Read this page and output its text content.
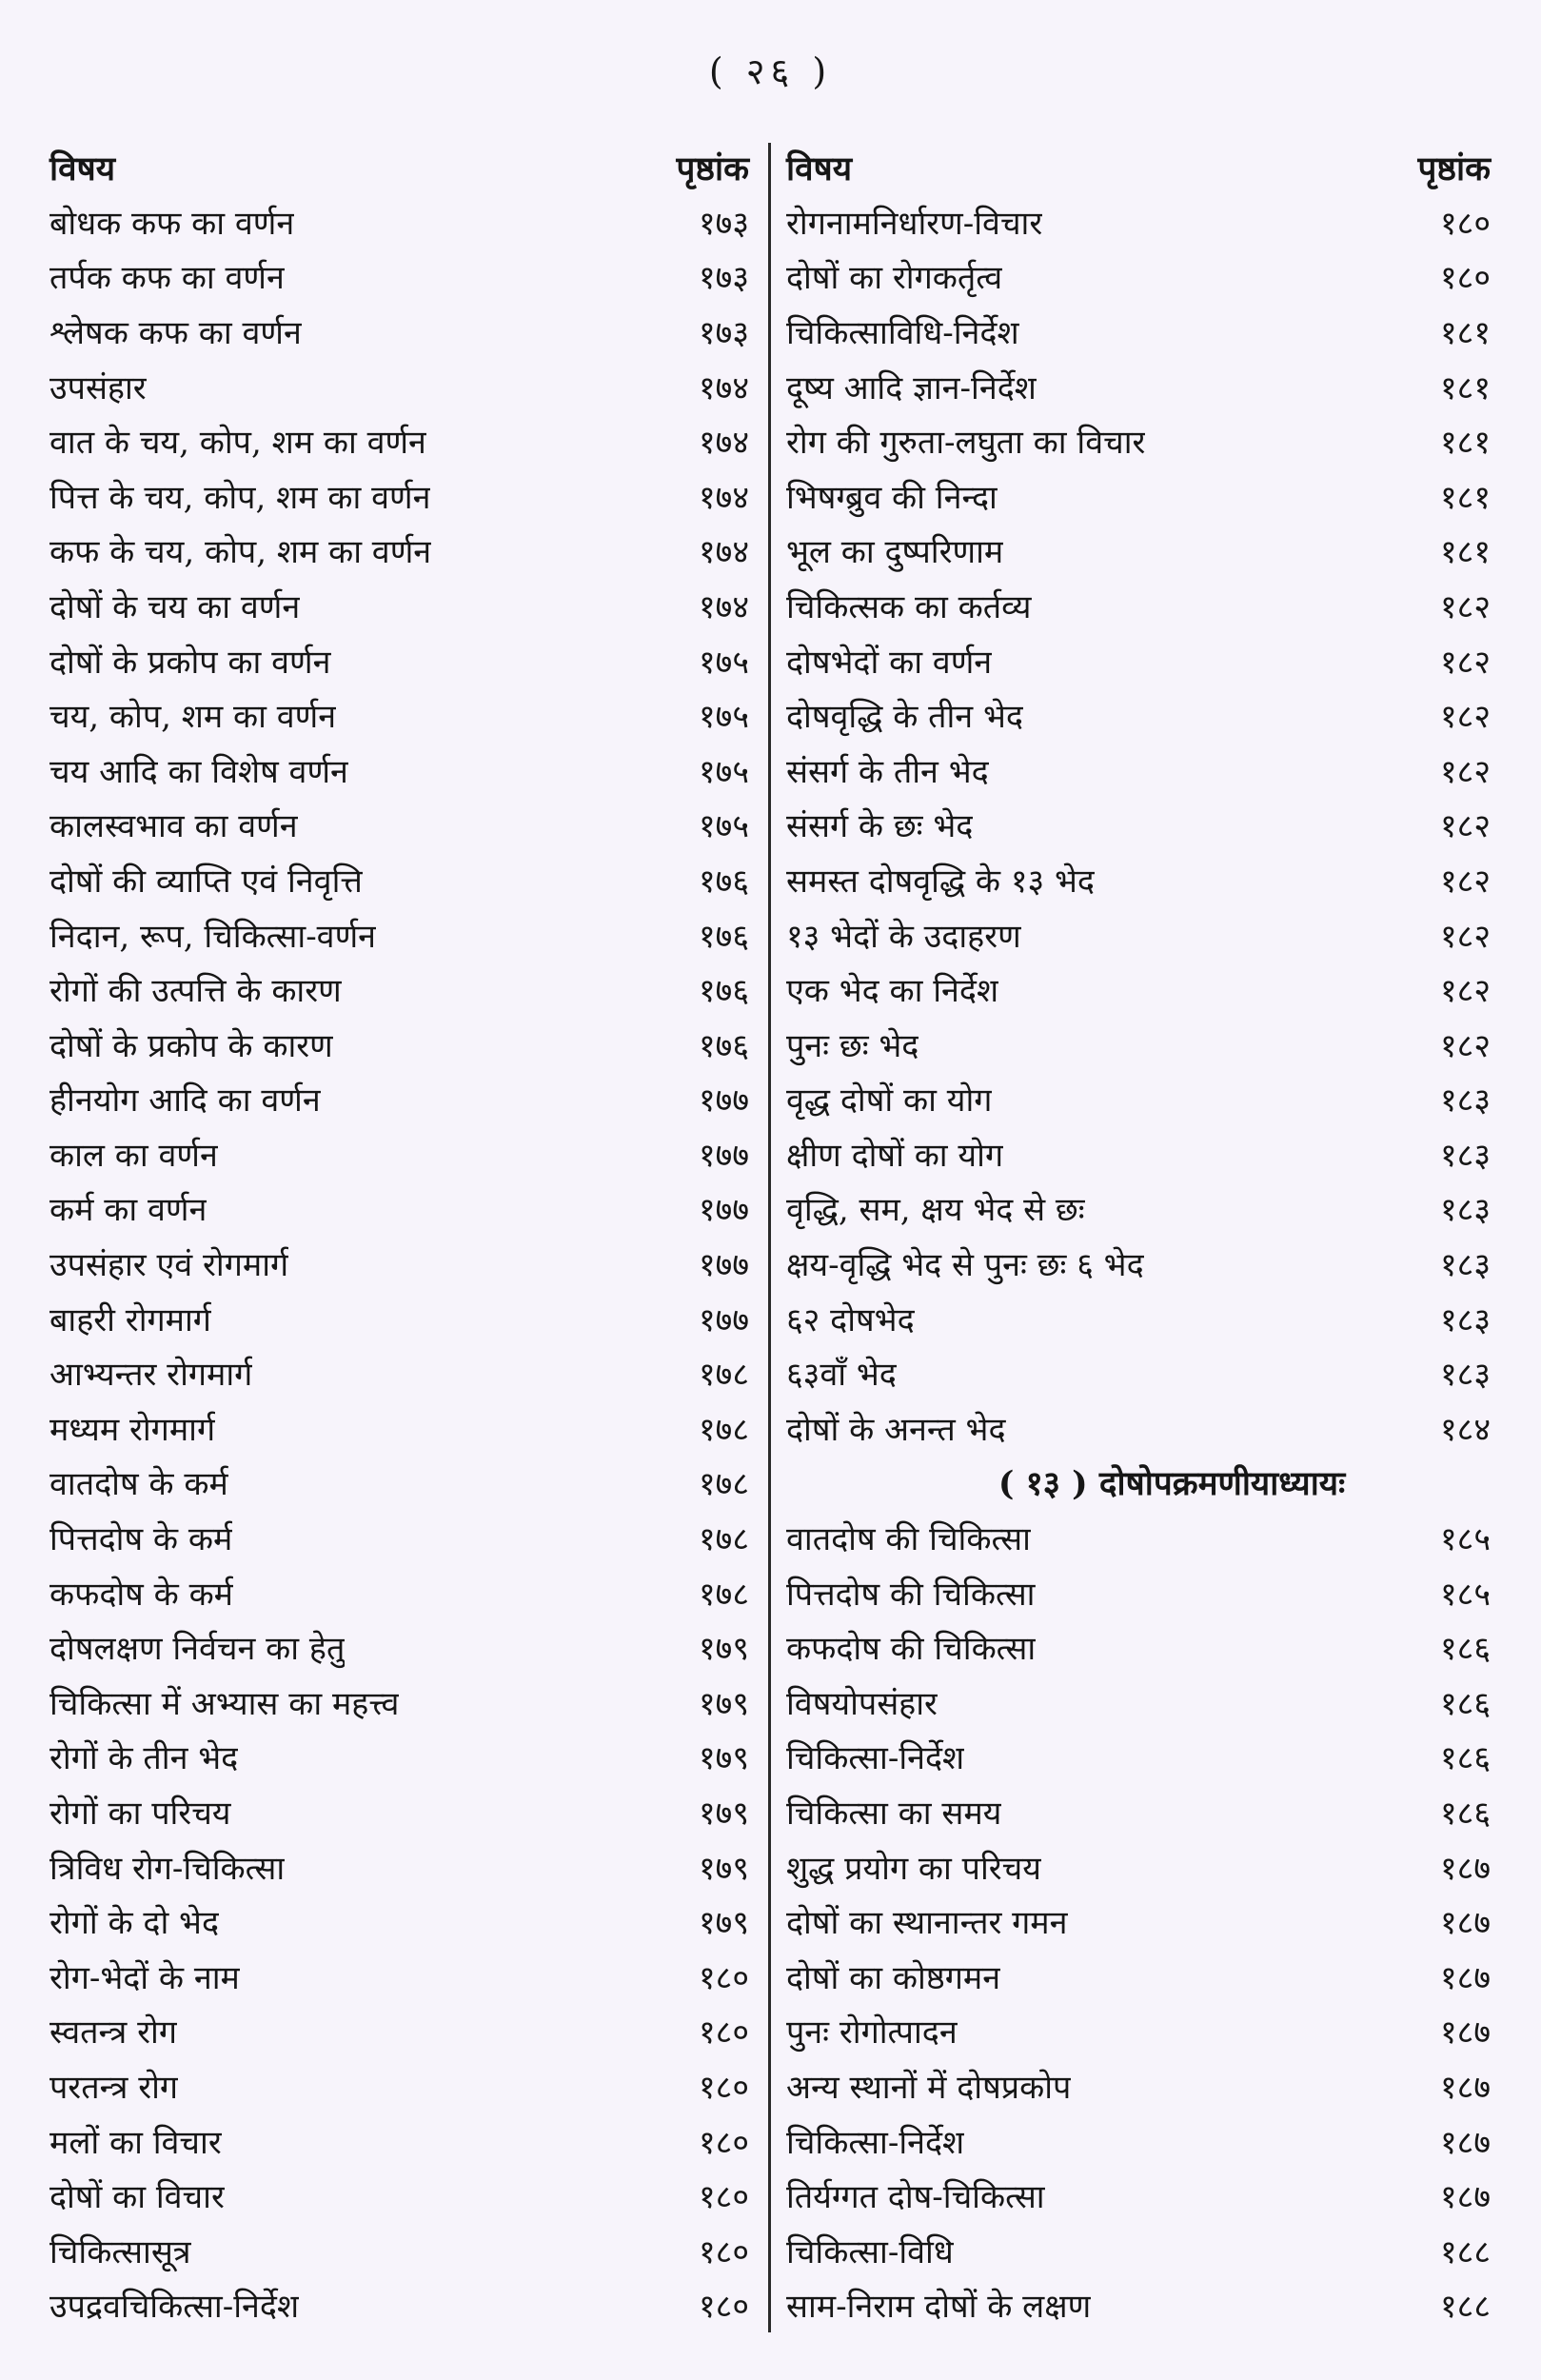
( २६ )
विषय	पृष्ठांक
बोधक कफ का वर्णन	१७३
तर्पक कफ का वर्णन	१७३
श्लेषक कफ का वर्णन	१७३
उपसंहार	१७४
वात के चय, कोप, शम का वर्णन	१७४
पित्त के चय, कोप, शम का वर्णन	१७४
कफ के चय, कोप, शम का वर्णन	१७४
दोषों के चय का वर्णन	१७४
दोषों के प्रकोप का वर्णन	१७५
चय, कोप, शम का वर्णन	१७५
चय आदि का विशेष वर्णन	१७५
कालस्वभाव का वर्णन	१७५
दोषों की व्याप्ति एवं निवृत्ति	१७६
निदान, रूप, चिकित्सा-वर्णन	१७६
रोगों की उत्पत्ति के कारण	१७६
दोषों के प्रकोप के कारण	१७६
हीनयोग आदि का वर्णन	१७७
काल का वर्णन	१७७
कर्म का वर्णन	१७७
उपसंहार एवं रोगमार्ग	१७७
बाहरी रोगमार्ग	१७७
आभ्यन्तर रोगमार्ग	१७८
मध्यम रोगमार्ग	१७८
वातदोष के कर्म	१७८
पित्तदोष के कर्म	१७८
कफदोष के कर्म	१७८
दोषलक्षण निर्वचन का हेतु	१७९
चिकित्सा में अभ्यास का महत्त्व	१७९
रोगों के तीन भेद	१७९
रोगों का परिचय	१७९
त्रिविध रोग-चिकित्सा	१७९
रोगों के दो भेद	१७९
रोग-भेदों के नाम	१८०
स्वतन्त्र रोग	१८०
परतन्त्र रोग	१८०
मलों का विचार	१८०
दोषों का विचार	१८०
चिकित्सासूत्र	१८०
उपद्रवचिकित्सा-निर्देश	१८०
विषय	पृष्ठांक
रोगनामनिर्धारण-विचार	१८०
दोषों का रोगकर्तृत्व	१८०
चिकित्साविधि-निर्देश	१८१
दूष्य आदि ज्ञान-निर्देश	१८१
रोग की गुरुता-लघुता का विचार	१८१
भिषग्ब्रुव की निन्दा	१८१
भूल का दुष्परिणाम	१८१
चिकित्सक का कर्तव्य	१८२
दोषभेदों का वर्णन	१८२
दोषवृद्धि के तीन भेद	१८२
संसर्ग के तीन भेद	१८२
संसर्ग के छः भेद	१८२
समस्त दोषवृद्धि के १३ भेद	१८२
१३ भेदों के उदाहरण	१८२
एक भेद का निर्देश	१८२
पुनः छः भेद	१८२
वृद्ध दोषों का योग	१८३
क्षीण दोषों का योग	१८३
वृद्धि, सम, क्षय भेद से छः	१८३
क्षय-वृद्धि भेद से पुनः छः ६ भेद	१८३
६२ दोषभेद	१८३
६३वाँ भेद	१८३
दोषों के अनन्त भेद	१८४
( १३ ) दोषोपक्रमणीयाध्यायः
वातदोष की चिकित्सा	१८५
पित्तदोष की चिकित्सा	१८५
कफदोष की चिकित्सा	१८६
विषयोपसंहार	१८६
चिकित्सा-निर्देश	१८६
चिकित्सा का समय	१८६
शुद्ध प्रयोग का परिचय	१८७
दोषों का स्थानान्तर गमन	१८७
दोषों का कोष्ठगमन	१८७
पुनः रोगोत्पादन	१८७
अन्य स्थानों में दोषप्रकोप	१८७
चिकित्सा-निर्देश	१८७
तिर्यग्गत दोष-चिकित्सा	१८७
चिकित्सा-विधि	१८८
साम-निराम दोषों के लक्षण	१८८
